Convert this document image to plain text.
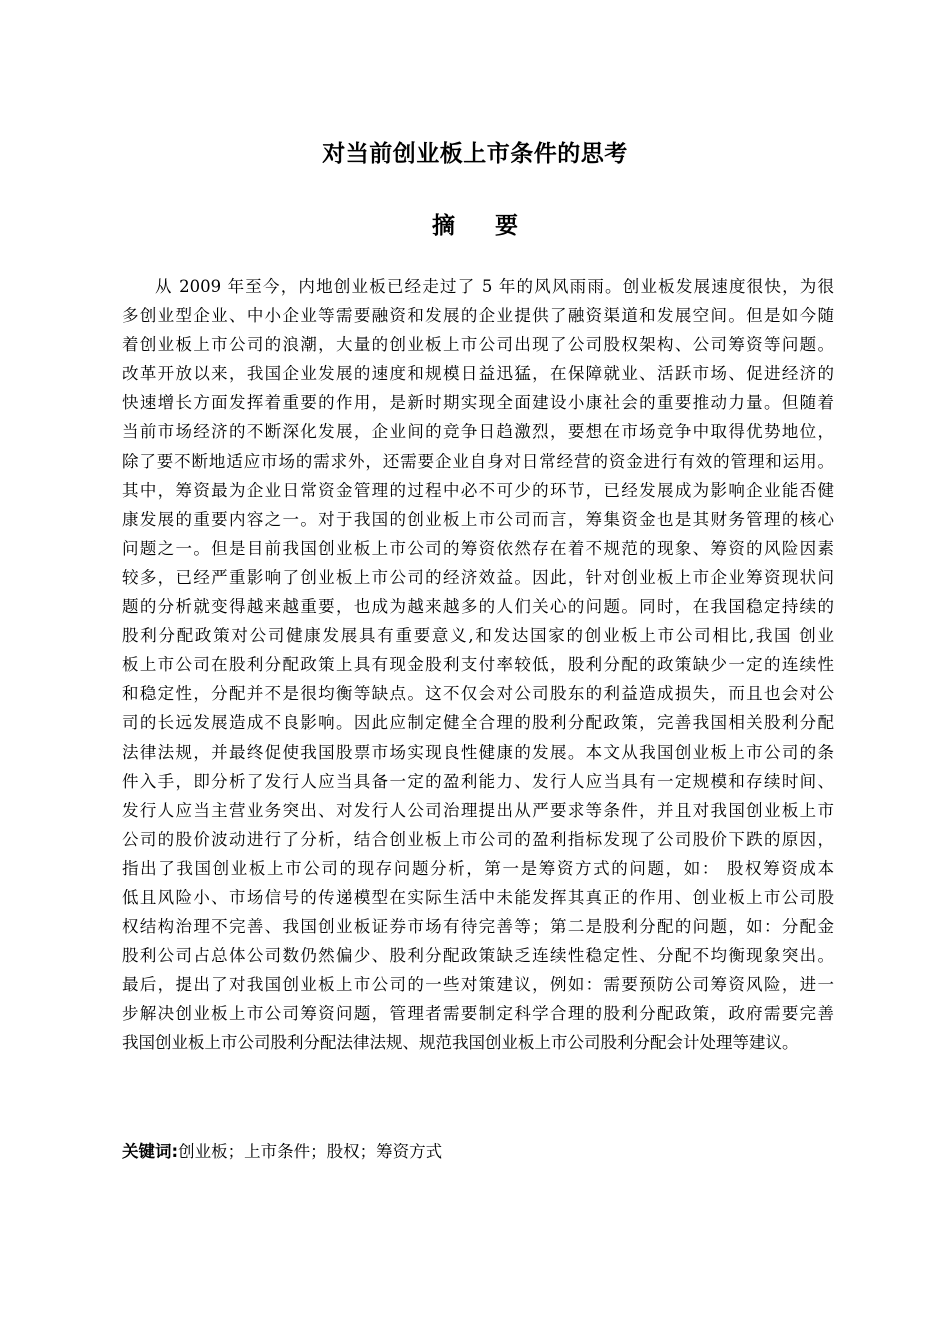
对当前创业板上市条件的思考
摘 要
从 2009 年至今，内地创业板已经走过了 5 年的风风雨雨。创业板发展速度很快，为很
多创业型企业、中小企业等需要融资和发展的企业提供了融资渠道和发展空间。但是如今随
着创业板上市公司的浪潮，大量的创业板上市公司出现了公司股权架构、公司筹资等问题。
改革开放以来，我国企业发展的速度和规模日益迅猛，在保障就业、活跃市场、促进经济的
快速增长方面发挥着重要的作用，是新时期实现全面建设小康社会的重要推动力量。但随着
当前市场经济的不断深化发展，企业间的竞争日趋激烈，要想在市场竞争中取得优势地位，
除了要不断地适应市场的需求外，还需要企业自身对日常经营的资金进行有效的管理和运用。
其中，筹资最为企业日常资金管理的过程中必不可少的环节，已经发展成为影响企业能否健
康发展的重要内容之一。对于我国的创业板上市公司而言，筹集资金也是其财务管理的核心
问题之一。但是目前我国创业板上市公司的筹资依然存在着不规范的现象、筹资的风险因素
较多，已经严重影响了创业板上市公司的经济效益。因此，针对创业板上市企业筹资现状问
题的分析就变得越来越重要，也成为越来越多的人们关心的问题。同时，在我国稳定持续的
股利分配政策对公司健康发展具有重要意义,和发达国家的创业板上市公司相比,我国 创业
板上市公司在股利分配政策上具有现金股利支付率较低，股利分配的政策缺少一定的连续性
和稳定性，分配并不是很均衡等缺点。这不仅会对公司股东的利益造成损失，而且也会对公
司的长远发展造成不良影响。因此应制定健全合理的股利分配政策，完善我国相关股利分配
法律法规，并最终促使我国股票市场实现良性健康的发展。本文从我国创业板上市公司的条
件入手，即分析了发行人应当具备一定的盈利能力、发行人应当具有一定规模和存续时间、
发行人应当主营业务突出、对发行人公司治理提出从严要求等条件，并且对我国创业板上市
公司的股价波动进行了分析，结合创业板上市公司的盈利指标发现了公司股价下跌的原因，
指出了我国创业板上市公司的现存问题分析，第一是筹资方式的问题，如： 股权筹资成本
低且风险小、市场信号的传递模型在实际生活中未能发挥其真正的作用、创业板上市公司股
权结构治理不完善、我国创业板证券市场有待完善等；第二是股利分配的问题，如：分配金
股利公司占总体公司数仍然偏少、股利分配政策缺乏连续性稳定性、分配不均衡现象突出。
最后，提出了对我国创业板上市公司的一些对策建议，例如：需要预防公司筹资风险，进一
步解决创业板上市公司筹资问题，管理者需要制定科学合理的股利分配政策，政府需要完善
我国创业板上市公司股利分配法律法规、规范我国创业板上市公司股利分配会计处理等建议。
关键词:创业板；上市条件；股权；筹资方式
